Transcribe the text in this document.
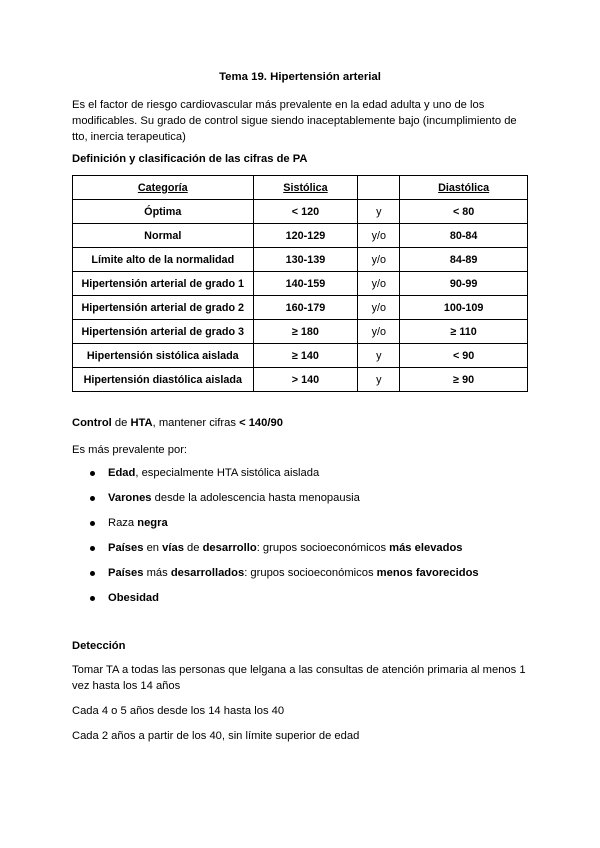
Tema 19. Hipertensión arterial
Es el factor de riesgo cardiovascular más prevalente en la edad adulta y uno de los modificables. Su grado de control sigue siendo inaceptablemente bajo (incumplimiento de tto, inercia terapeutica)
Definición y clasificación de las cifras de PA
Categoría	Sistólica		Diastólica
Óptima	< 120	y	< 80
Normal	120-129	y/o	80-84
Límite alto de la normalidad	130-139	y/o	84-89
Hipertensión arterial de grado 1	140-159	y/o	90-99
Hipertensión arterial de grado 2	160-179	y/o	100-109
Hipertensión arterial de grado 3	≥ 180	y/o	≥ 110
Hipertensión sistólica aislada	≥ 140	y	< 90
Hipertensión diastólica aislada	> 140	y	≥ 90
Control de HTA, mantener cifras < 140/90
Es más prevalente por:
Edad, especialmente HTA sistólica aislada
Varones desde la adolescencia hasta menopausia
Raza negra
Países en vías de desarrollo: grupos socioeconómicos más elevados
Países más desarrollados: grupos socioeconómicos menos favorecidos
Obesidad
Detección
Tomar TA a todas las personas que lelgana a las consultas de atención primaria al menos 1 vez hasta los 14 años
Cada 4 o 5 años desde los 14 hasta los 40
Cada 2 años a partir de los 40, sin límite superior de edad
